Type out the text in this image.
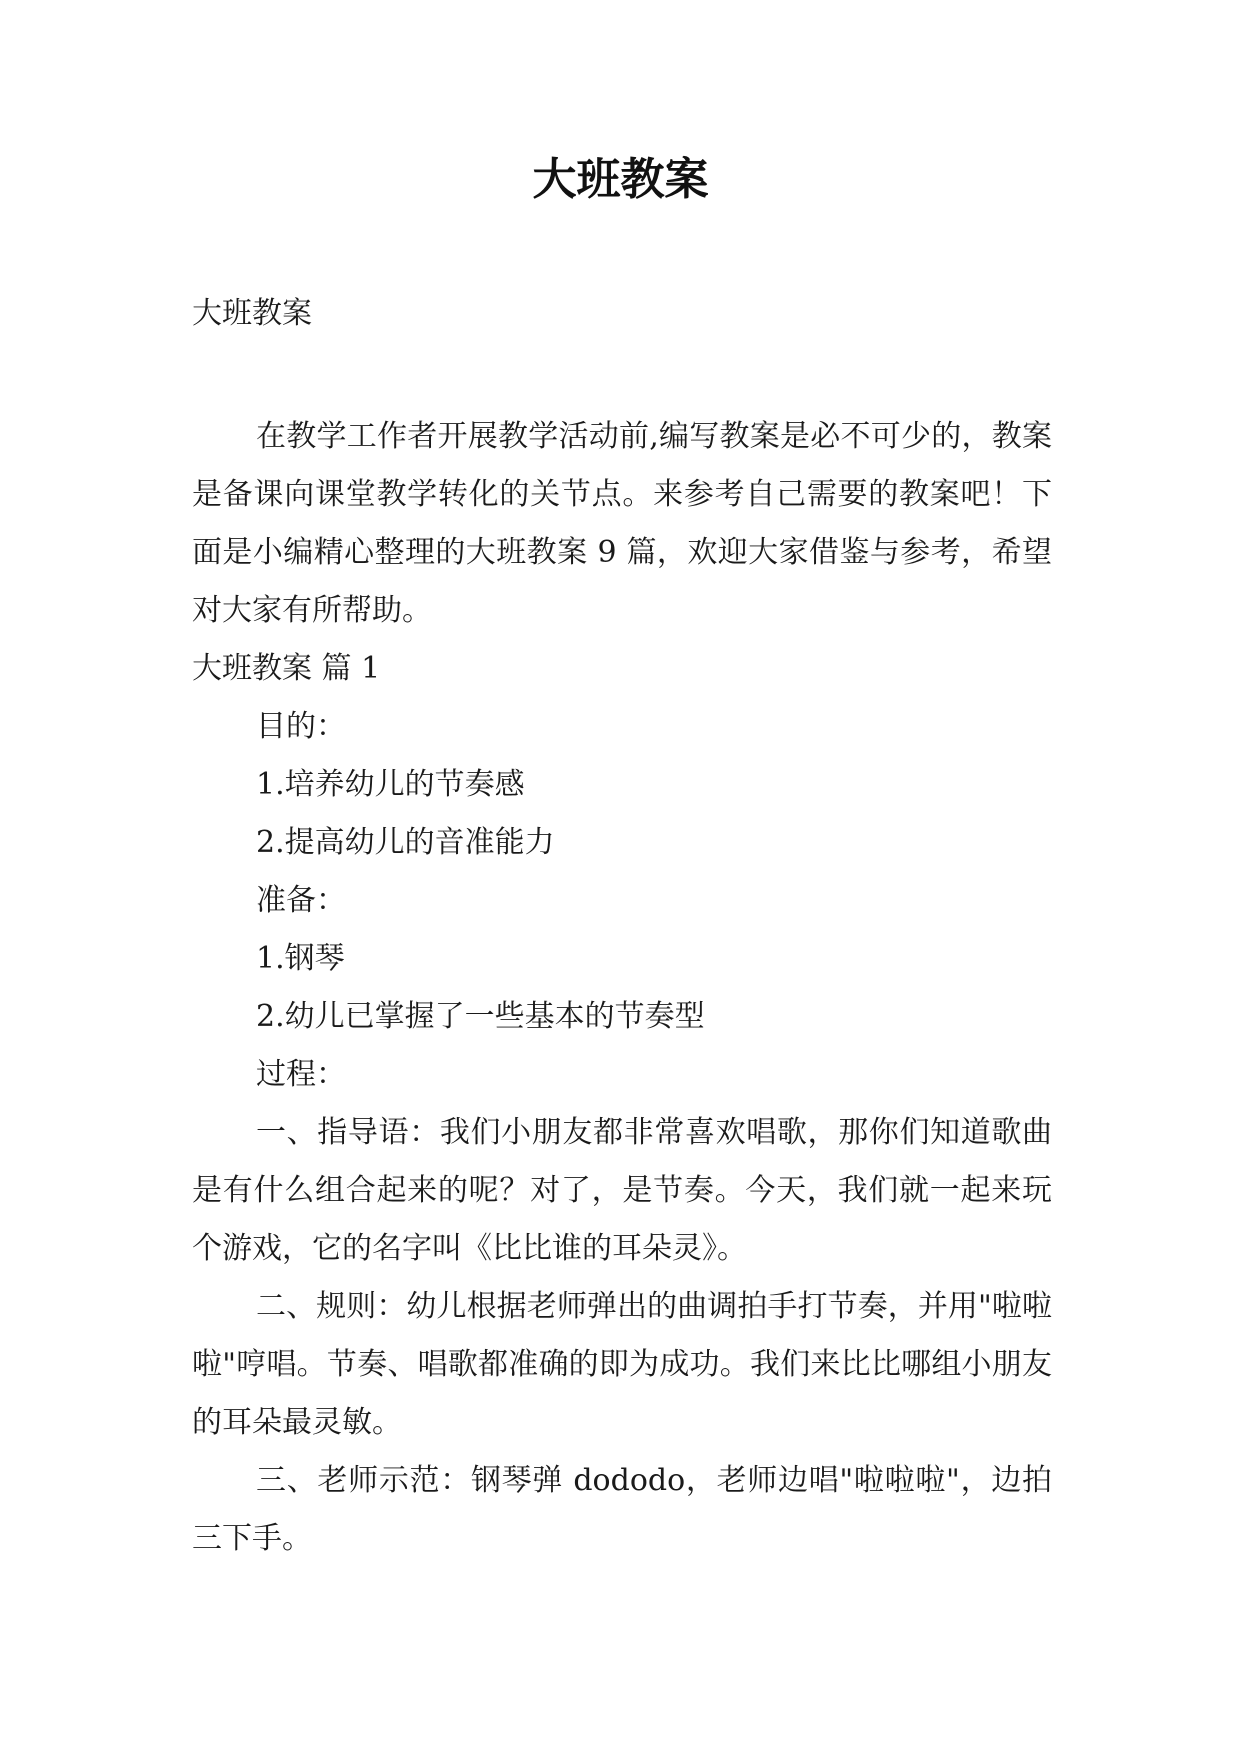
大班教案

大班教案

在教学工作者开展教学活动前,编写教案是必不可少的，教案是备课向课堂教学转化的关节点。来参考自己需要的教案吧！下面是小编精心整理的大班教案 9 篇，欢迎大家借鉴与参考，希望对大家有所帮助。

大班教案 篇 1

目的：

1.培养幼儿的节奏感

2.提高幼儿的音准能力

准备：

1.钢琴

2.幼儿已掌握了一些基本的节奏型

过程：

一、指导语：我们小朋友都非常喜欢唱歌，那你们知道歌曲是有什么组合起来的呢？对了，是节奏。今天，我们就一起来玩个游戏，它的名字叫《比比谁的耳朵灵》。

二、规则：幼儿根据老师弹出的曲调拍手打节奏，并用"啦啦啦"哼唱。节奏、唱歌都准确的即为成功。我们来比比哪组小朋友的耳朵最灵敏。

三、老师示范：钢琴弹 dododo，老师边唱"啦啦啦"，边拍三下手。
